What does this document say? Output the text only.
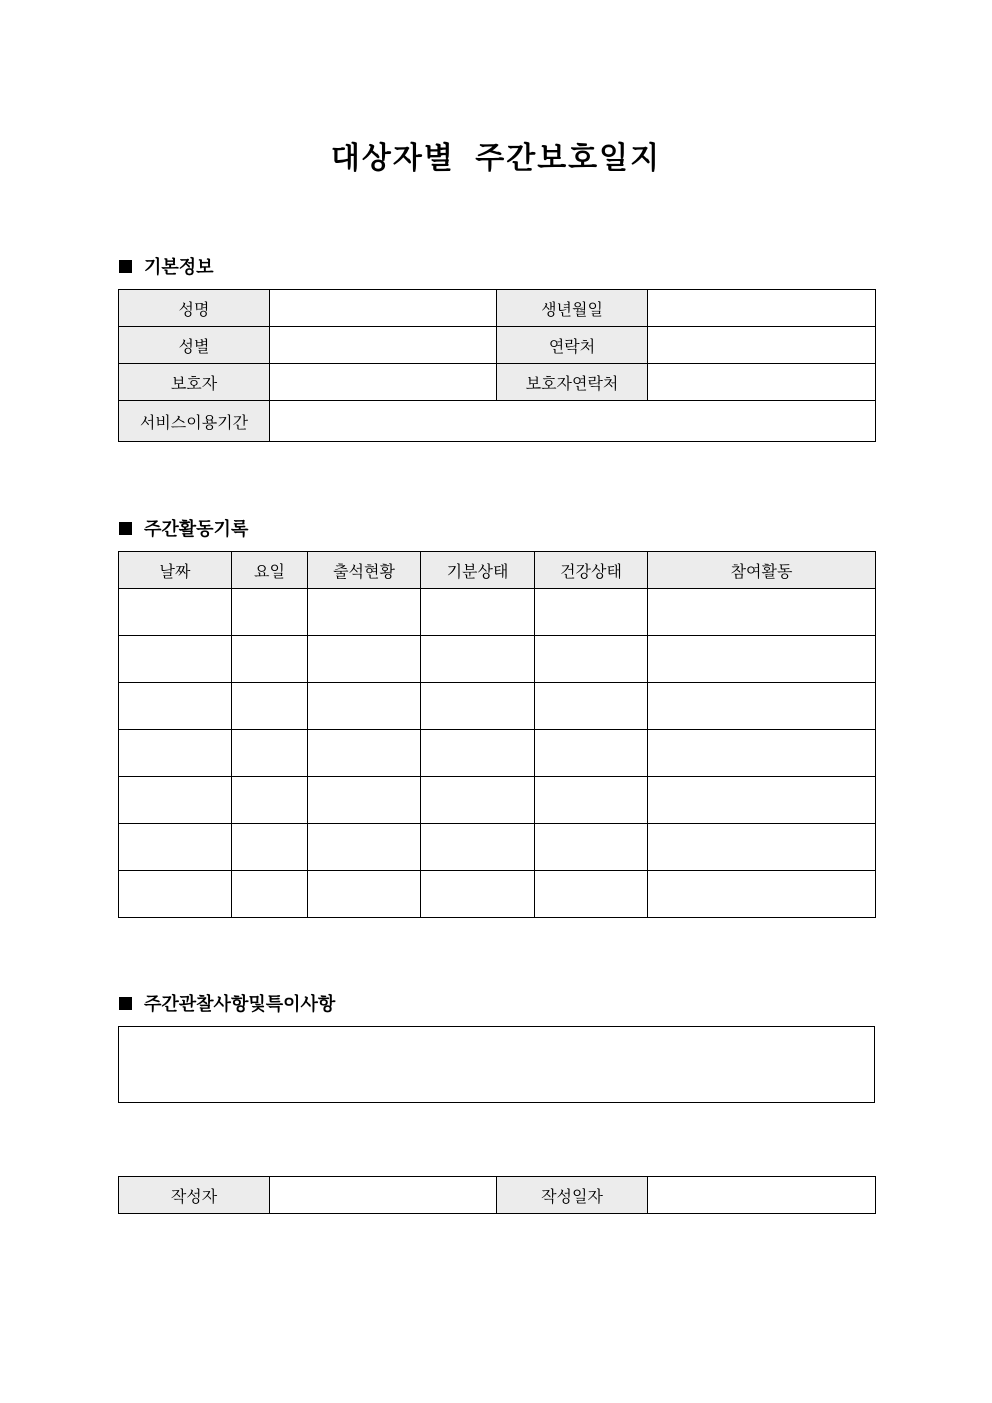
대상자별 주간보호일지
기본정보
성명		생년월일	
성별		연락처	
보호자		보호자연락처	
서비스이용기간			
주간활동기록
날짜	요일	출석현황	기분상태	건강상태	참여활동

주간관찰사항및특이사항
작성자		작성일자	
